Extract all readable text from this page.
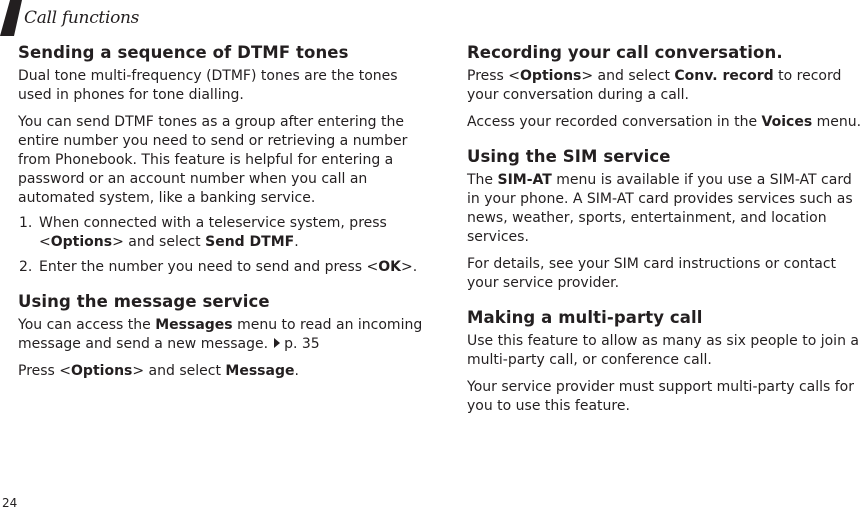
Call functions
Sending a sequence of DTMF tones

Dual tone multi-frequency (DTMF) tones are the tones used in phones for tone dialling.

You can send DTMF tones as a group after entering the entire number you need to send or retrieving a number from Phonebook. This feature is helpful for entering a password or an account number when you call an automated system, like a banking service.

1. When connected with a teleservice system, press <Options> and select Send DTMF.
2. Enter the number you need to send and press <OK>.
Using the message service

You can access the Messages menu to read an incoming message and send a new message. p. 35

Press <Options> and select Message.

Recording your call conversation.

Press <Options> and select Conv. record to record your conversation during a call.

Access your recorded conversation in the Voices menu.

Using the SIM service

The SIM-AT menu is available if you use a SIM-AT card in your phone. A SIM-AT card provides services such as news, weather, sports, entertainment, and location services.

For details, see your SIM card instructions or contact your service provider.

Making a multi-party call

Use this feature to allow as many as six people to join a multi-party call, or conference call.

Your service provider must support multi-party calls for you to use this feature.

24
